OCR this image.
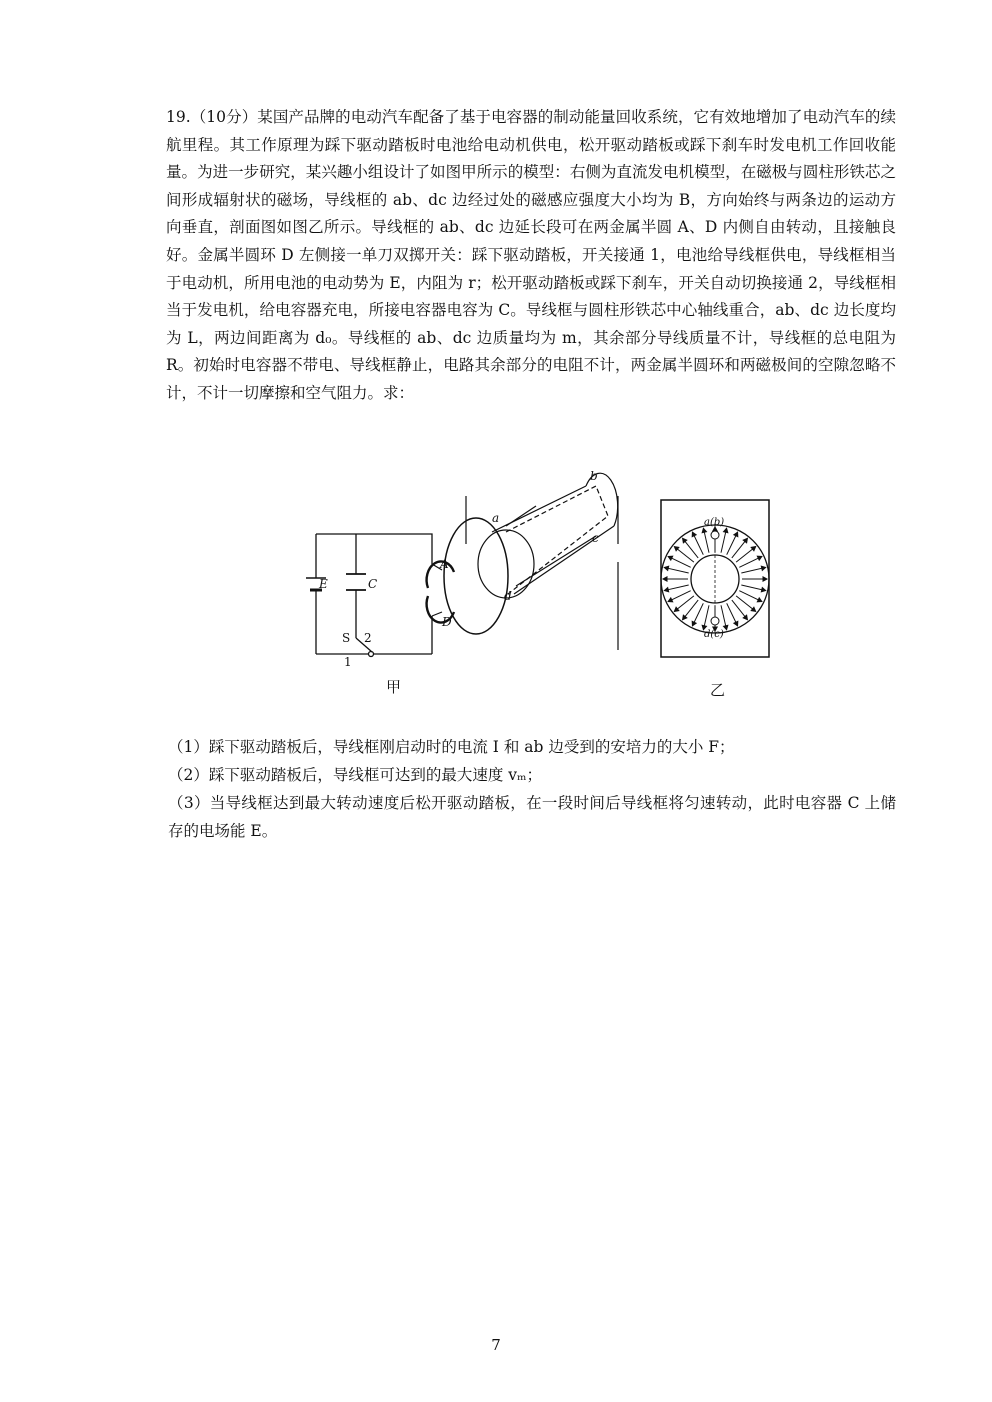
19.（10分）某国产品牌的电动汽车配备了基于电容器的制动能量回收系统，它有效地增加了电动汽车的续航里程。其工作原理为踩下驱动踏板时电池给电动机供电，松开驱动踏板或踩下刹车时发电机工作回收能量。为进一步研究，某兴趣小组设计了如图甲所示的模型：右侧为直流发电机模型，在磁极与圆柱形铁芯之间形成辐射状的磁场，导线框的 ab、dc 边经过处的磁感应强度大小均为 B，方向始终与两条边的运动方向垂直，剖面图如图乙所示。导线框的 ab、dc 边延长段可在两金属半圆 A、D 内侧自由转动，且接触良好。金属半圆环 D 左侧接一单刀双掷开关：踩下驱动踏板，开关接通 1，电池给导线框供电，导线框相当于电动机，所用电池的电动势为 E，内阻为 r；松开驱动踏板或踩下刹车，开关自动切换接通 2，导线框相当于发电机，给电容器充电，所接电容器电容为 C。导线框与圆柱形铁芯中心轴线重合，ab、dc 边长度均为 L，两边间距离为 d₀。导线框的 ab、dc 边质量均为 m，其余部分导线质量不计，导线框的总电阻为 R。初始时电容器不带电、导线框静止，电路其余部分的电阻不计，两金属半圆环和两磁极间的空隙忽略不计，不计一切摩擦和空气阻力。求：

E	C
S 2
1
A
D
a
b
c
d
甲
a(b)
d(c)
乙

（1）踩下驱动踏板后，导线框刚启动时的电流 I 和 ab 边受到的安培力的大小 F；

（2）踩下驱动踏板后，导线框可达到的最大速度 vₘ；

（3）当导线框达到最大转动速度后松开驱动踏板，在一段时间后导线框将匀速转动，此时电容器 C 上储存的电场能 E。

7
